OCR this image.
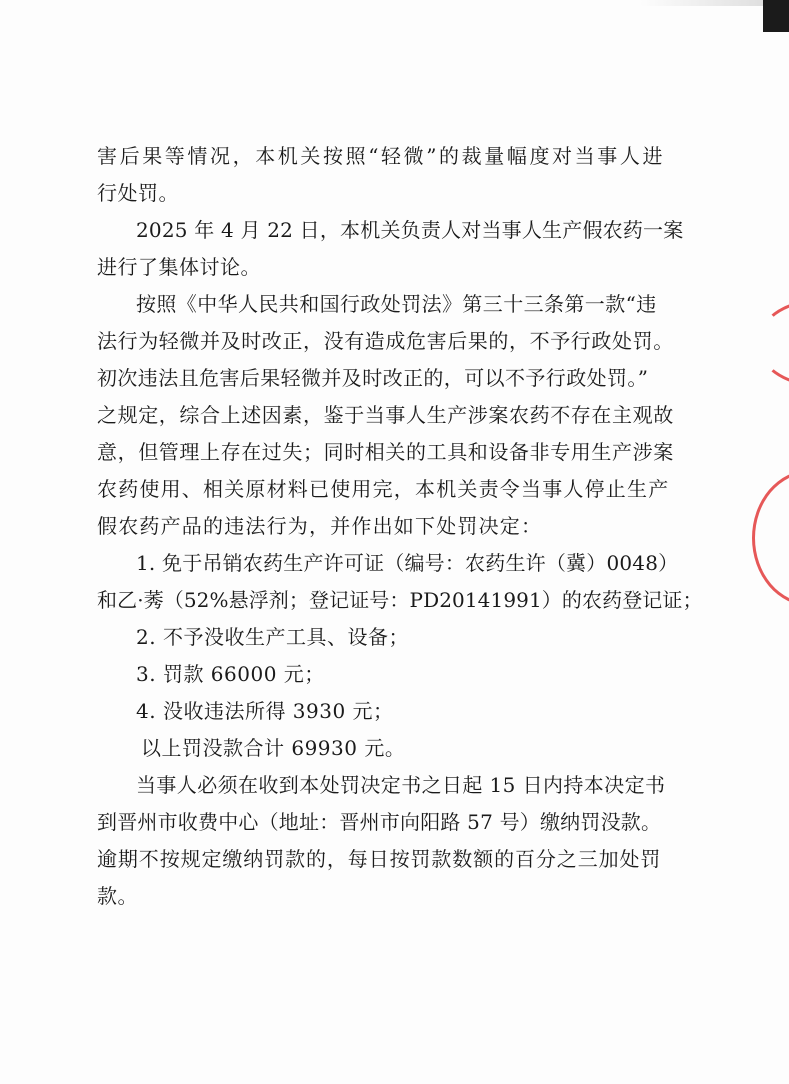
害后果等情况，本机关按照“轻微”的裁量幅度对当事人进
行处罚。
2025 年 4 月 22 日，本机关负责人对当事人生产假农药一案
进行了集体讨论。
按照《中华人民共和国行政处罚法》第三十三条第一款“违
法行为轻微并及时改正，没有造成危害后果的，不予行政处罚。
初次违法且危害后果轻微并及时改正的，可以不予行政处罚。”
之规定，综合上述因素，鉴于当事人生产涉案农药不存在主观故
意，但管理上存在过失；同时相关的工具和设备非专用生产涉案
农药使用、相关原材料已使用完，本机关责令当事人停止生产
假农药产品的违法行为，并作出如下处罚决定：
1. 免于吊销农药生产许可证（编号：农药生许（冀）0048）
和乙·莠（52%悬浮剂；登记证号：PD20141991）的农药登记证；
2. 不予没收生产工具、设备；
3. 罚款 66000 元；
4. 没收违法所得 3930 元；
以上罚没款合计 69930 元。
当事人必须在收到本处罚决定书之日起 15 日内持本决定书
到晋州市收费中心（地址：晋州市向阳路 57 号）缴纳罚没款。
逾期不按规定缴纳罚款的，每日按罚款数额的百分之三加处罚
款。
